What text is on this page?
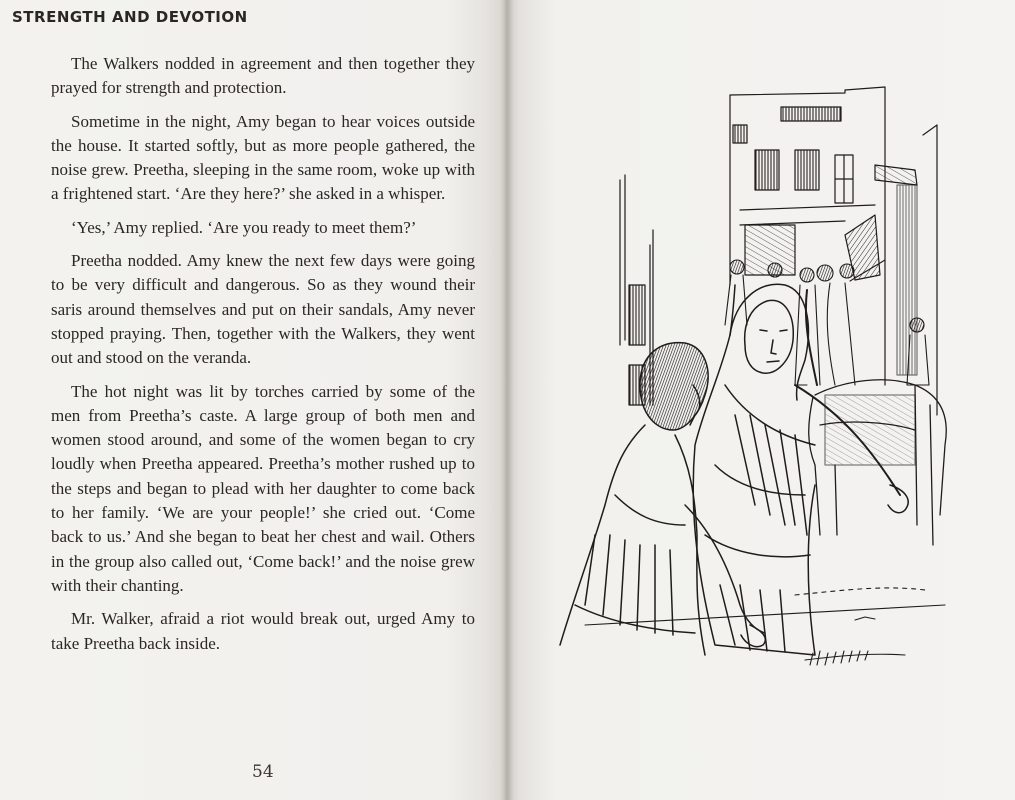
STRENGTH AND DEVOTION

The Walkers nodded in agreement and then together they prayed for strength and protection.

Sometime in the night, Amy began to hear voices outside the house. It started softly, but as more people gathered, the noise grew. Preetha, sleeping in the same room, woke up with a frightened start. ‘Are they here?’ she asked in a whisper.

‘Yes,’ Amy replied. ‘Are you ready to meet them?’

Preetha nodded. Amy knew the next few days were going to be very difficult and dangerous. So as they wound their saris around themselves and put on their sandals, Amy never stopped praying. Then, together with the Walkers, they went out and stood on the veranda.

The hot night was lit by torches carried by some of the men from Preetha’s caste. A large group of both men and women stood around, and some of the women began to cry loudly when Preetha appeared. Preetha’s mother rushed up to the steps and began to plead with her daughter to come back to her family. ‘We are your people!’ she cried out. ‘Come back to us.’ And she began to beat her chest and wail. Others in the group also called out, ‘Come back!’ and the noise grew with their chanting.

Mr. Walker, afraid a riot would break out, urged Amy to take Preetha back inside.

54
